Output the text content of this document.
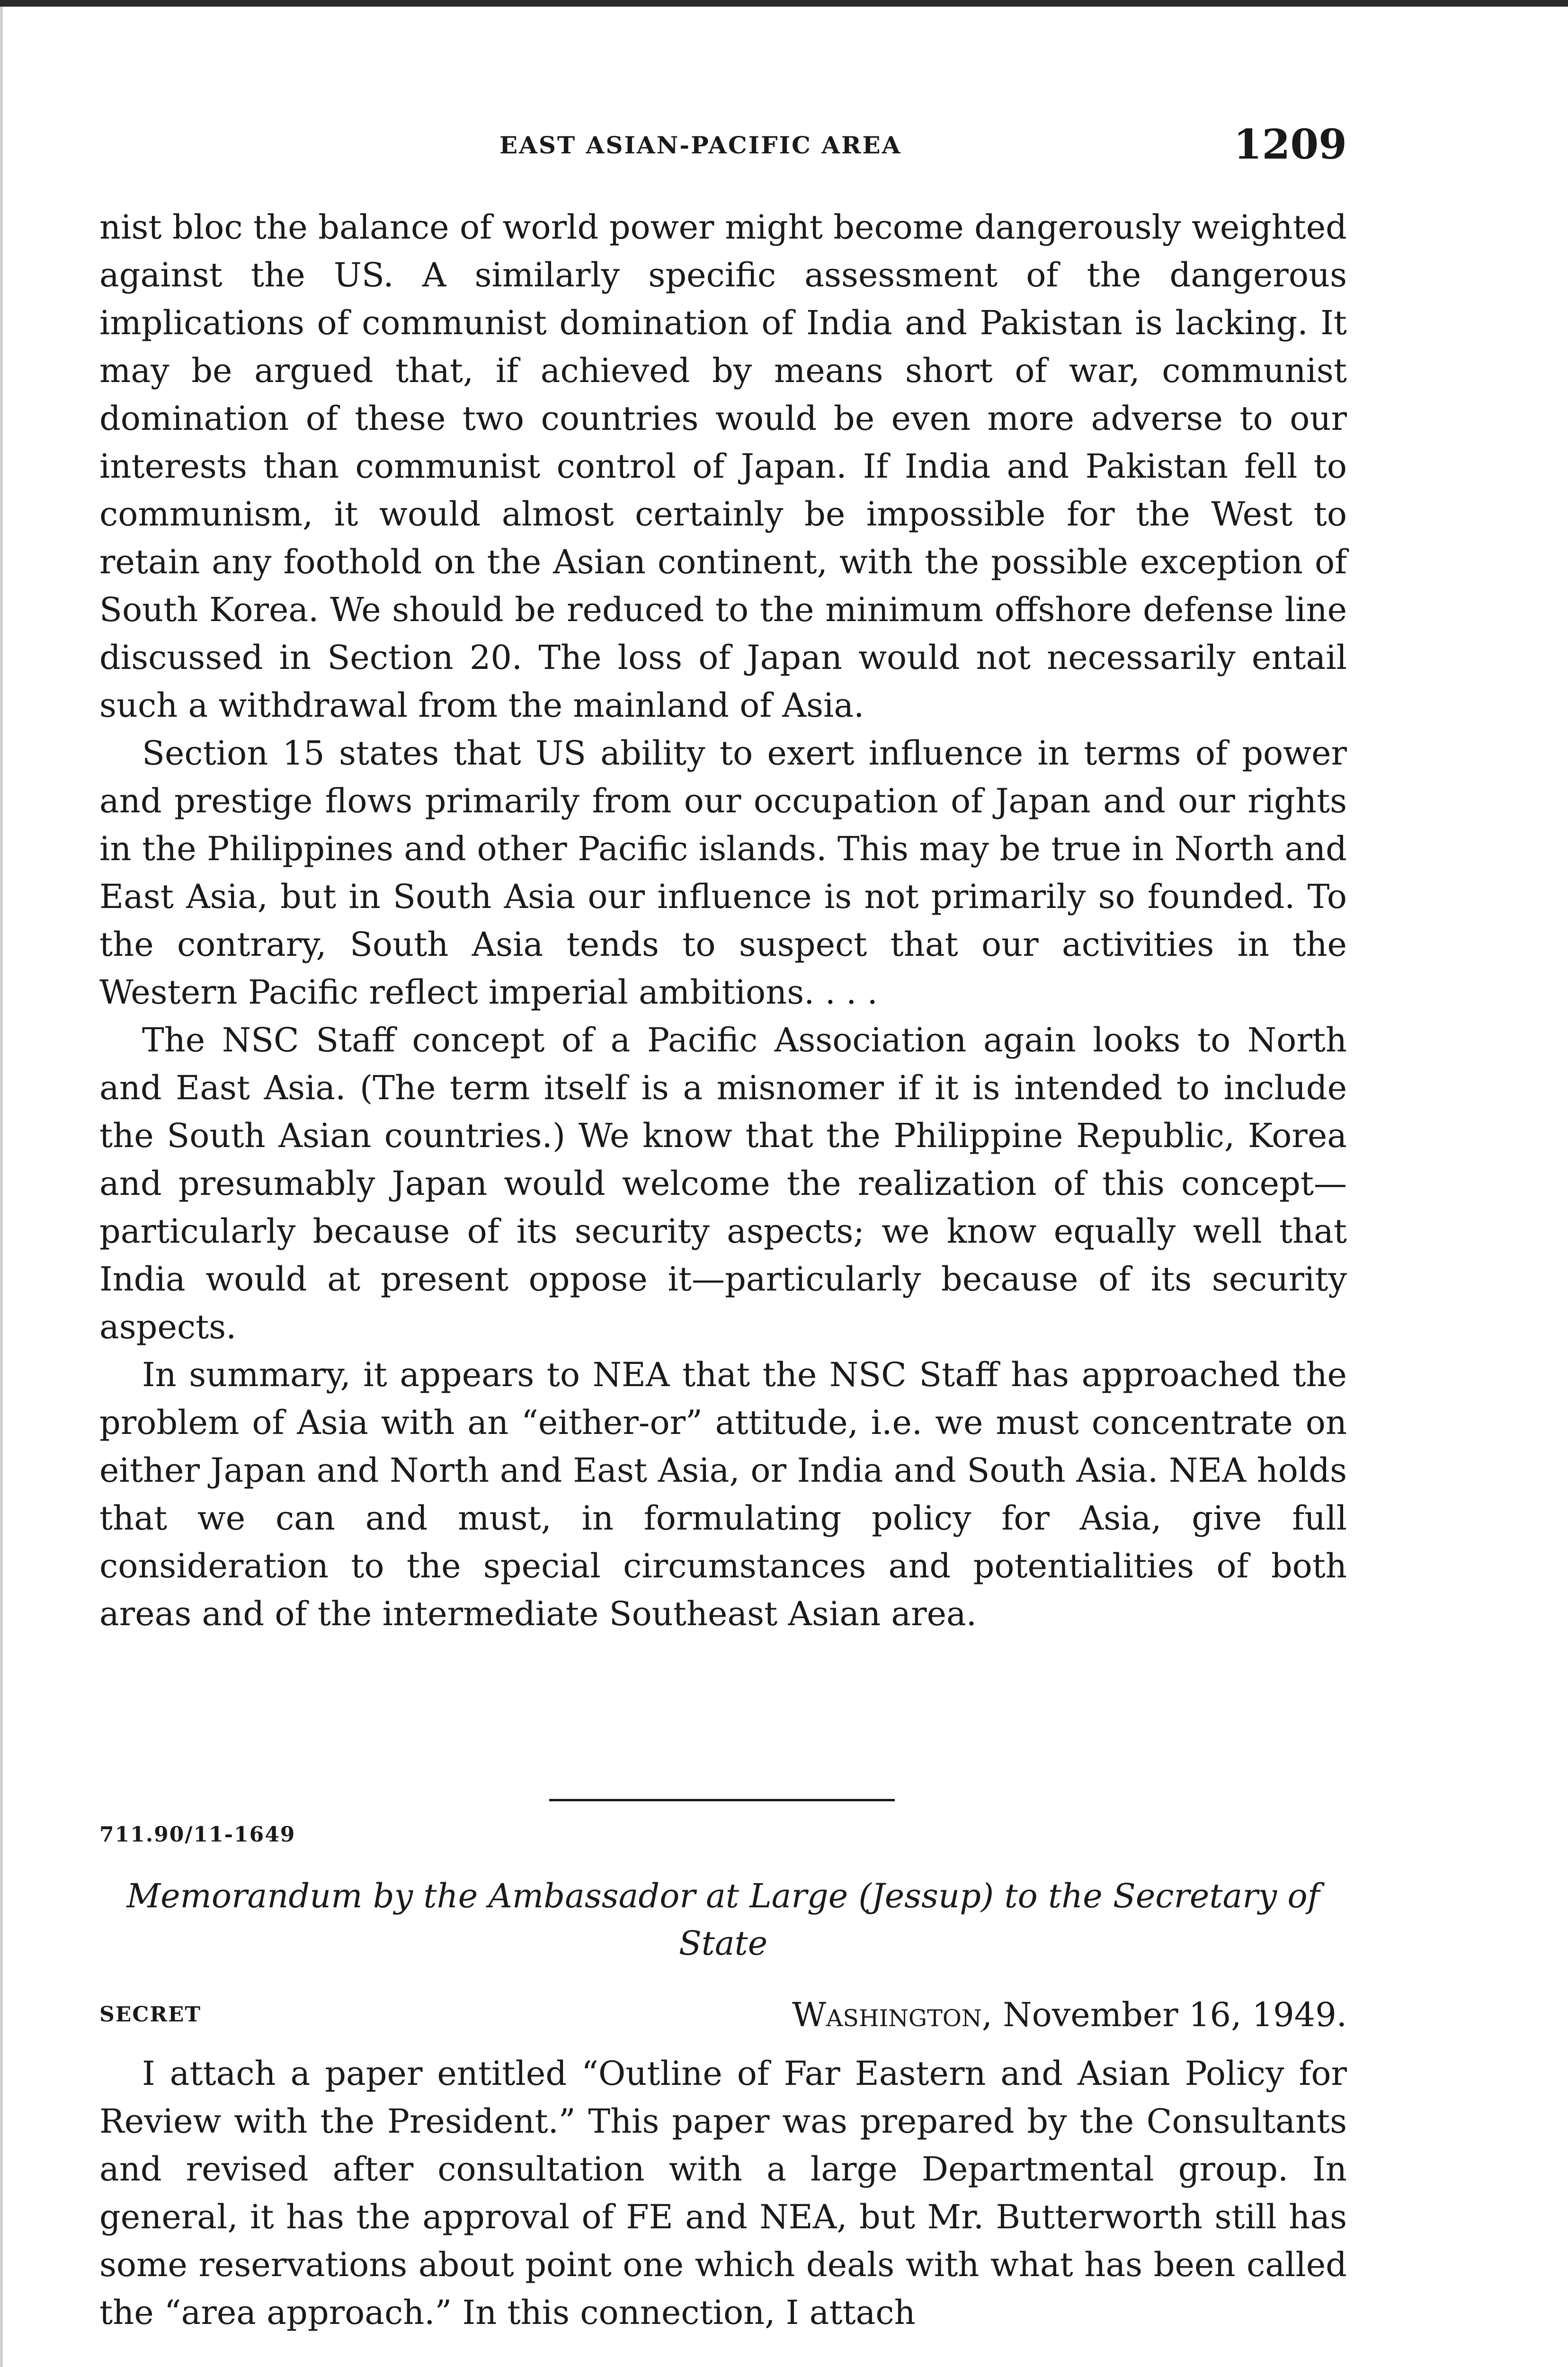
EAST ASIAN-PACIFIC AREA	1209

nist bloc the balance of world power might become dangerously weighted against the US. A similarly specific assessment of the dangerous implications of communist domination of India and Pakistan is lacking. It may be argued that, if achieved by means short of war, communist domination of these two countries would be even more adverse to our interests than communist control of Japan. If India and Pakistan fell to communism, it would almost certainly be impossible for the West to retain any foothold on the Asian continent, with the possible exception of South Korea. We should be reduced to the minimum offshore defense line discussed in Section 20. The loss of Japan would not necessarily entail such a withdrawal from the mainland of Asia.

Section 15 states that US ability to exert influence in terms of power and prestige flows primarily from our occupation of Japan and our rights in the Philippines and other Pacific islands. This may be true in North and East Asia, but in South Asia our influence is not primarily so founded. To the contrary, South Asia tends to suspect that our activities in the Western Pacific reflect imperial ambitions. . . .

The NSC Staff concept of a Pacific Association again looks to North and East Asia. (The term itself is a misnomer if it is intended to include the South Asian countries.) We know that the Philippine Republic, Korea and presumably Japan would welcome the realization of this concept—particularly because of its security aspects; we know equally well that India would at present oppose it—particularly because of its security aspects.

In summary, it appears to NEA that the NSC Staff has approached the problem of Asia with an “either-or” attitude, i.e. we must concentrate on either Japan and North and East Asia, or India and South Asia. NEA holds that we can and must, in formulating policy for Asia, give full consideration to the special circumstances and potentialities of both areas and of the intermediate Southeast Asian area.

711.90/11-1649
Memorandum by the Ambassador at Large (Jessup) to the Secretary of State
SECRET	Washington, November 16, 1949.

I attach a paper entitled “Outline of Far Eastern and Asian Policy for Review with the President.” This paper was prepared by the Consultants and revised after consultation with a large Departmental group. In general, it has the approval of FE and NEA, but Mr. Butterworth still has some reservations about point one which deals with what has been called the “area approach.” In this connection, I attach
